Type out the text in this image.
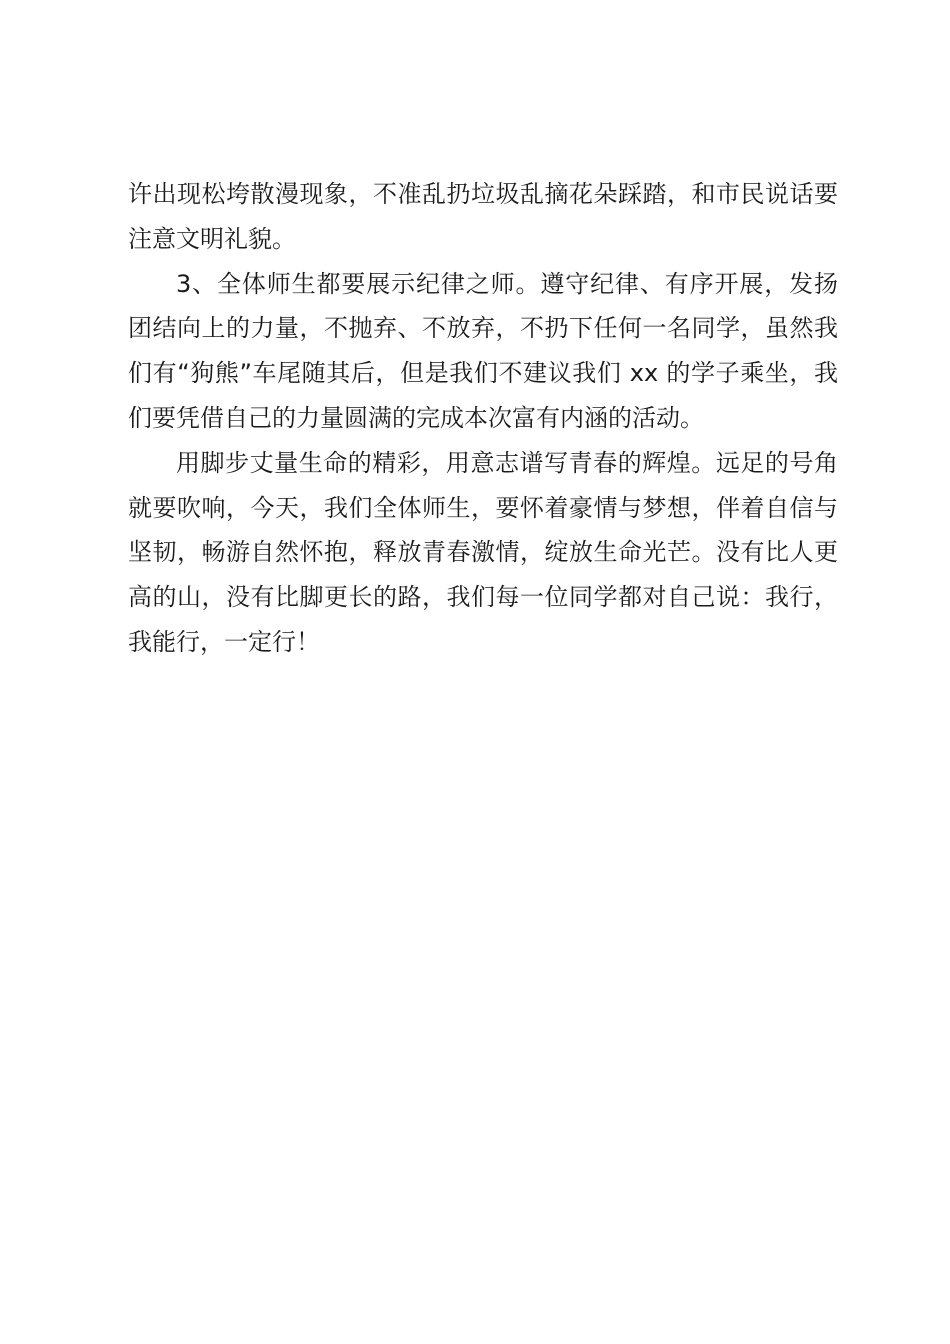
许出现松垮散漫现象，不准乱扔垃圾乱摘花朵踩踏，和市民说话要注意文明礼貌。

3、全体师生都要展示纪律之师。遵守纪律、有序开展，发扬团结向上的力量，不抛弃、不放弃，不扔下任何一名同学，虽然我们有“狗熊”车尾随其后，但是我们不建议我们 xx 的学子乘坐，我们要凭借自己的力量圆满的完成本次富有内涵的活动。

用脚步丈量生命的精彩，用意志谱写青春的辉煌。远足的号角就要吹响，今天，我们全体师生，要怀着豪情与梦想，伴着自信与坚韧，畅游自然怀抱，释放青春激情，绽放生命光芒。没有比人更高的山，没有比脚更长的路，我们每一位同学都对自己说：我行，我能行，一定行！
